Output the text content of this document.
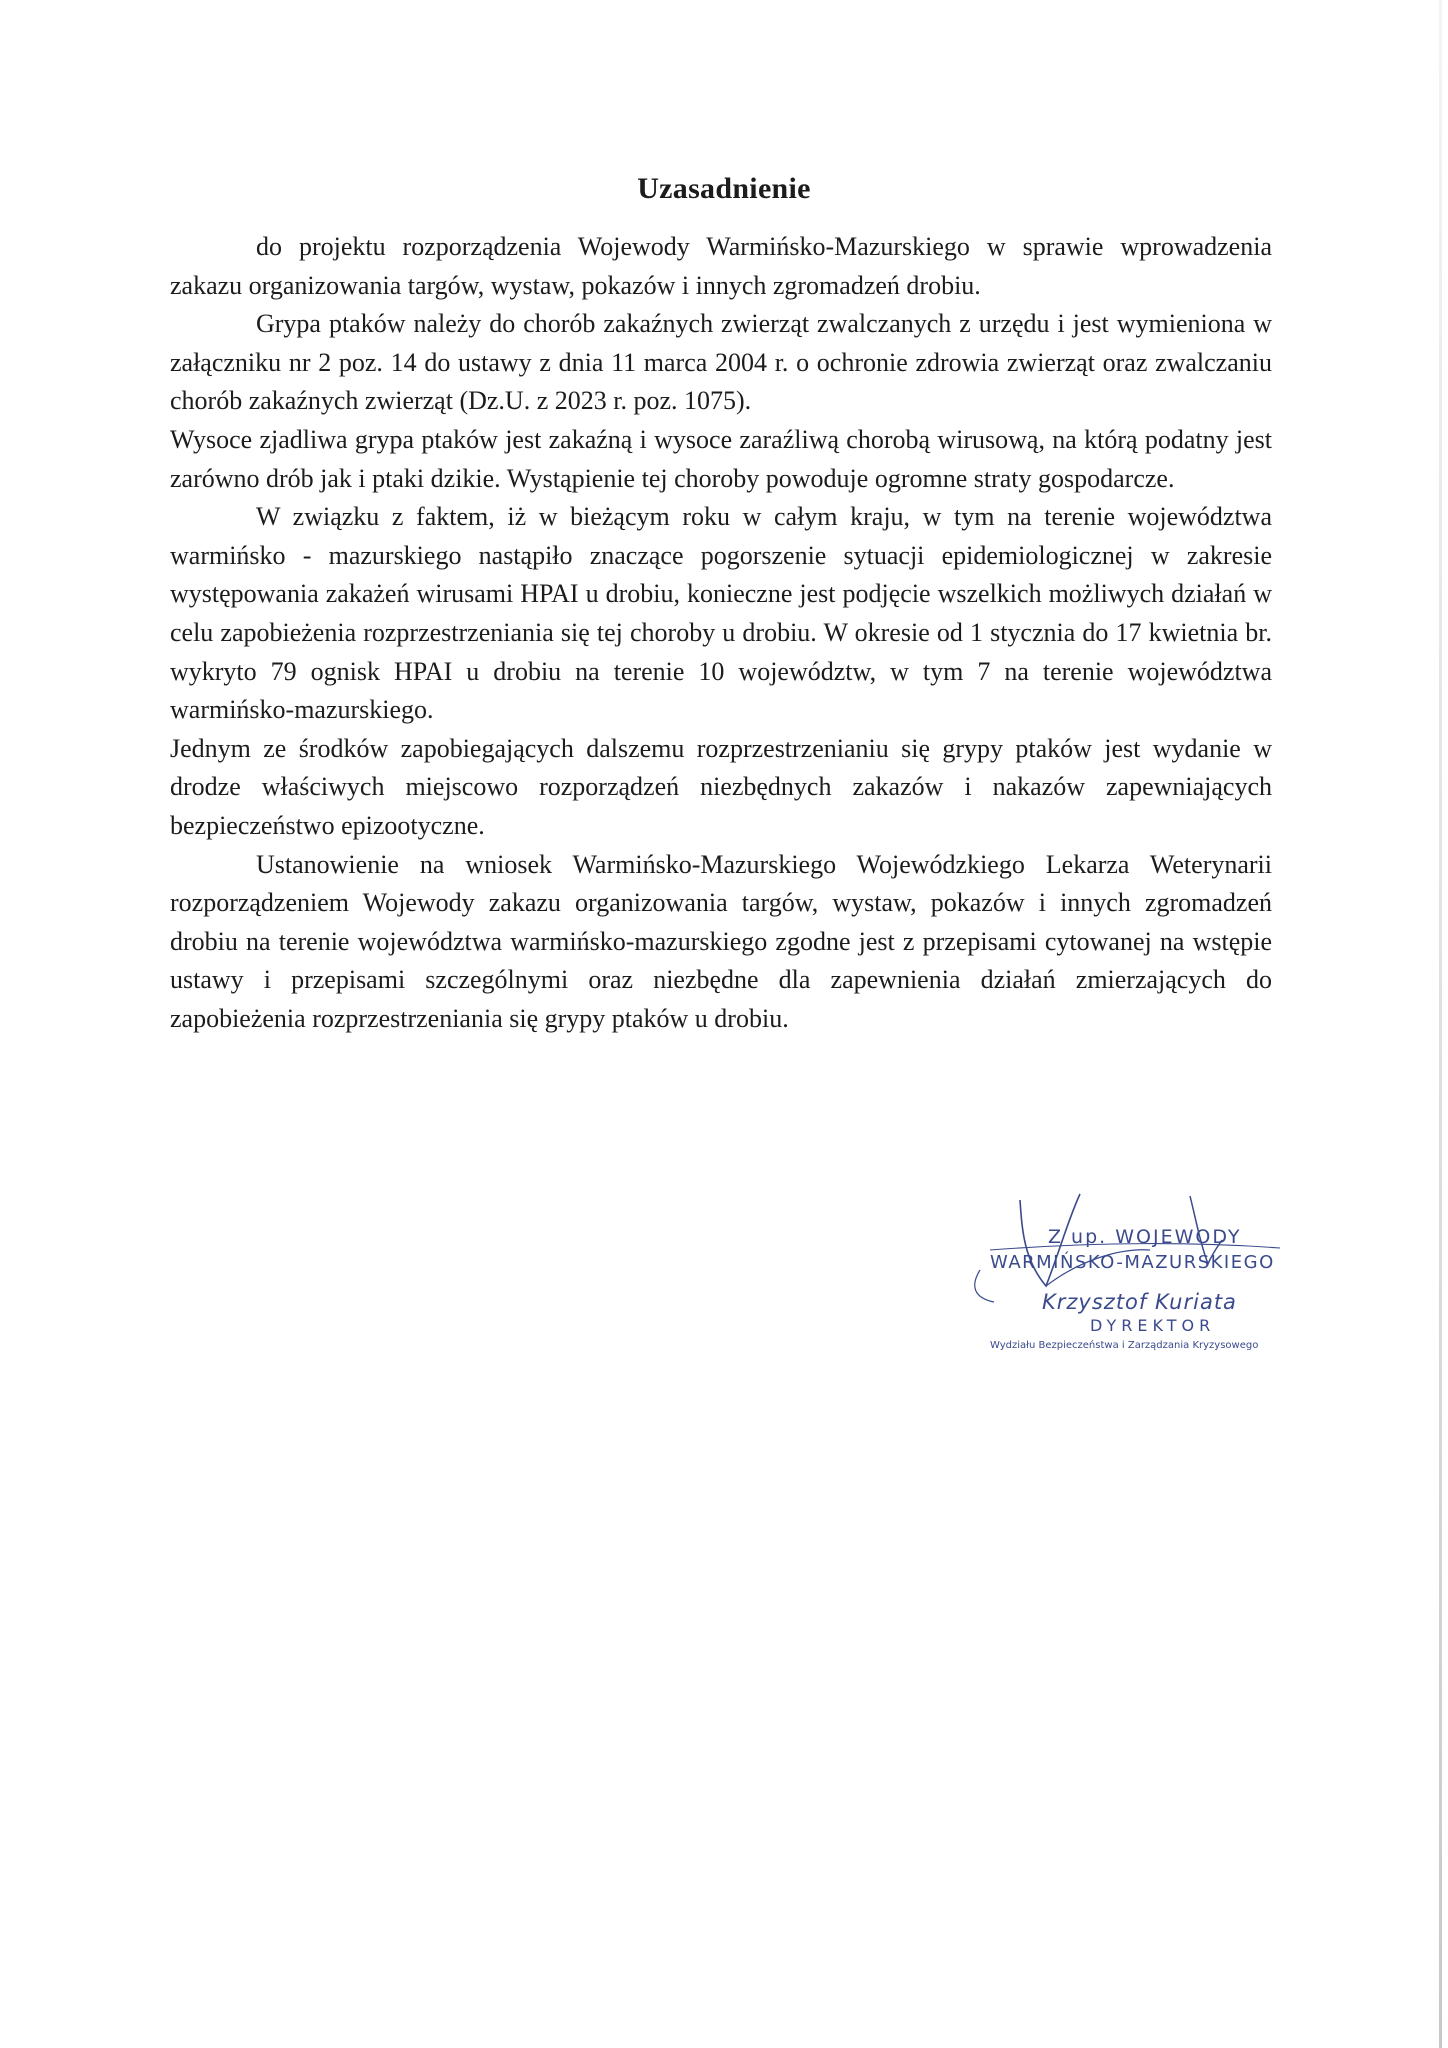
Uzasadnienie

do projektu rozporządzenia Wojewody Warmińsko-Mazurskiego w sprawie wprowadzenia zakazu organizowania targów, wystaw, pokazów i innych zgromadzeń drobiu.

Grypa ptaków należy do chorób zakaźnych zwierząt zwalczanych z urzędu i jest wymieniona w załączniku nr 2 poz. 14 do ustawy z dnia 11 marca 2004 r. o ochronie zdrowia zwierząt oraz zwalczaniu chorób zakaźnych zwierząt (Dz.U. z 2023 r. poz. 1075).

Wysoce zjadliwa grypa ptaków jest zakaźną i wysoce zaraźliwą chorobą wirusową, na którą podatny jest zarówno drób jak i ptaki dzikie. Wystąpienie tej choroby powoduje ogromne straty gospodarcze.

W związku z faktem, iż w bieżącym roku w całym kraju, w tym na terenie województwa warmińsko - mazurskiego nastąpiło znaczące pogorszenie sytuacji epidemiologicznej w zakresie występowania zakażeń wirusami HPAI u drobiu, konieczne jest podjęcie wszelkich możliwych działań w celu zapobieżenia rozprzestrzeniania się tej choroby u drobiu. W okresie od 1 stycznia do 17 kwietnia br. wykryto 79 ognisk HPAI u drobiu na terenie 10 województw, w tym 7 na terenie województwa warmińsko-mazurskiego.

Jednym ze środków zapobiegających dalszemu rozprzestrzenianiu się grypy ptaków jest wydanie w drodze właściwych miejscowo rozporządzeń niezbędnych zakazów i nakazów zapewniających bezpieczeństwo epizootyczne.

Ustanowienie na wniosek Warmińsko-Mazurskiego Wojewódzkiego Lekarza Weterynarii rozporządzeniem Wojewody zakazu organizowania targów, wystaw, pokazów i innych zgromadzeń drobiu na terenie województwa warmińsko-mazurskiego zgodne jest z przepisami cytowanej na wstępie ustawy i przepisami szczególnymi oraz niezbędne dla zapewnienia działań zmierzających do zapobieżenia rozprzestrzeniania się grypy ptaków u drobiu.

Z up. WOJEWODY
WARMIŃSKO-MAZURSKIEGO
Krzysztof Kuriata
DYREKTOR
Wydziału Bezpieczeństwa i Zarządzania Kryzysowego
